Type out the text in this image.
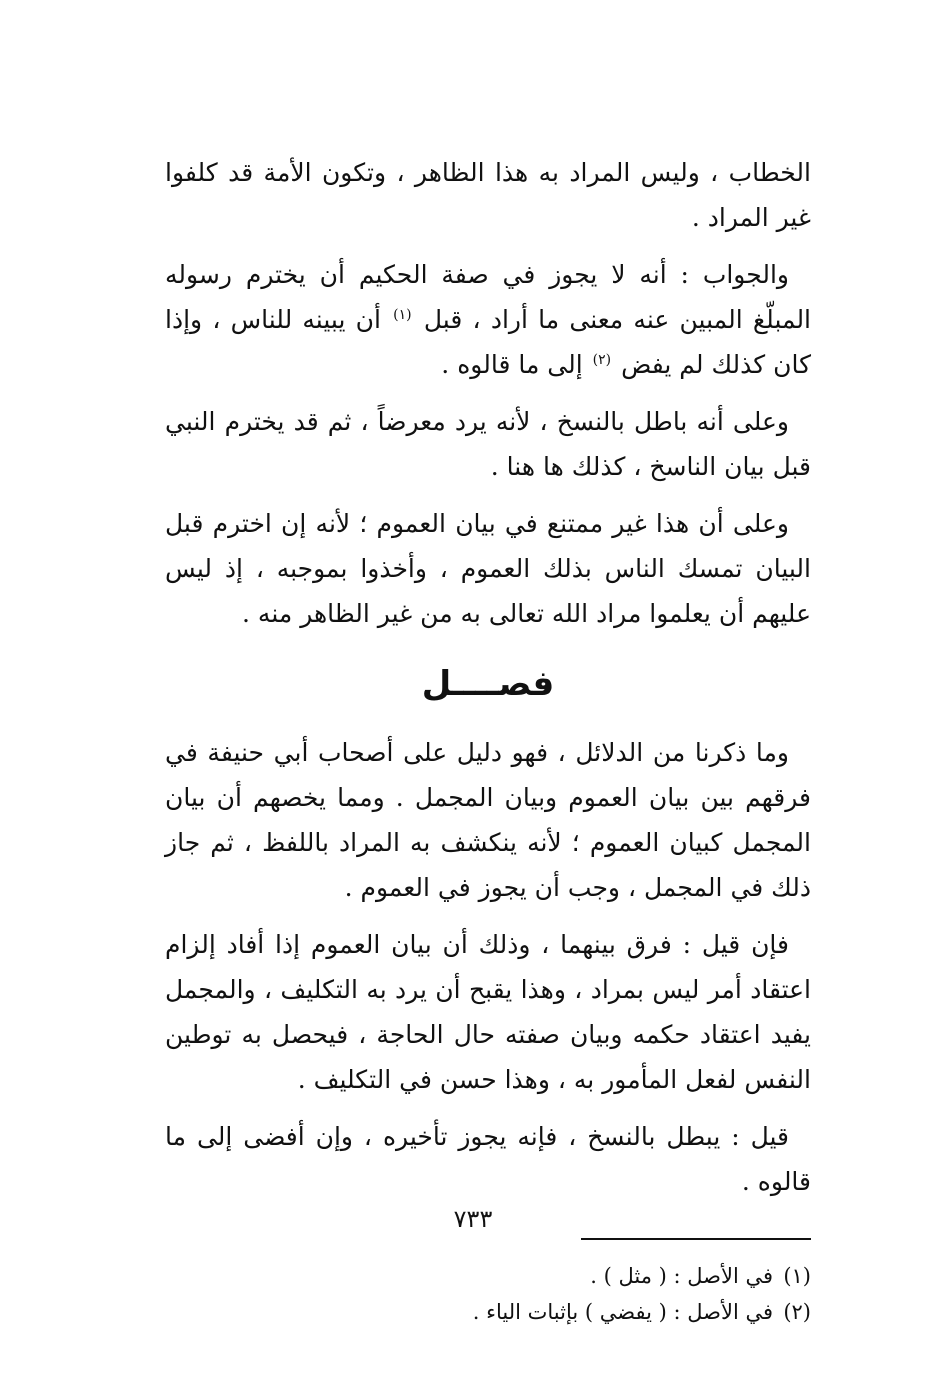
الخطاب ، وليس المراد به هذا الظاهر ، وتكون الأمة قد كلفوا غير المراد .

والجواب : أنه لا يجوز في صفة الحكيم أن يخترم رسوله المبلّغ المبين عنه معنى ما أراد ، قبل $^{(١)}$ أن يبينه للناس ، وإذا كان كذلك لم يفض $^{(٢)}$ إلى ما قالوه .

وعلى أنه باطل بالنسخ ، لأنه يرد معرضاً ، ثم قد يخترم النبي قبل بيان الناسخ ، كذلك ها هنا .

وعلى أن هذا غير ممتنع في بيان العموم ؛ لأنه إن اخترم قبل البيان تمسك الناس بذلك العموم ، وأخذوا بموجبه ، إذ ليس عليهم أن يعلموا مراد الله تعالى به من غير الظاهر منه .

فصــــل

وما ذكرنا من الدلائل ، فهو دليل على أصحاب أبي حنيفة في فرقهم بين بيان العموم وبيان المجمل . ومما يخصهم أن بيان المجمل كبيان العموم ؛ لأنه ينكشف به المراد باللفظ ، ثم جاز ذلك في المجمل ، وجب أن يجوز في العموم .

فإن قيل : فرق بينهما ، وذلك أن بيان العموم إذا أفاد إلزام اعتقاد أمر ليس بمراد ، وهذا يقبح أن يرد به التكليف ، والمجمل يفيد اعتقاد حكمه وبيان صفته حال الحاجة ، فيحصل به توطين النفس لفعل المأمور به ، وهذا حسن في التكليف .

قيل : يبطل بالنسخ ، فإنه يجوز تأخيره ، وإن أفضى إلى ما قالوه .

(١)في الأصل : ( مثل ) .

(٢)في الأصل : ( يفضي ) بإثبات الياء .

٧٣٣
